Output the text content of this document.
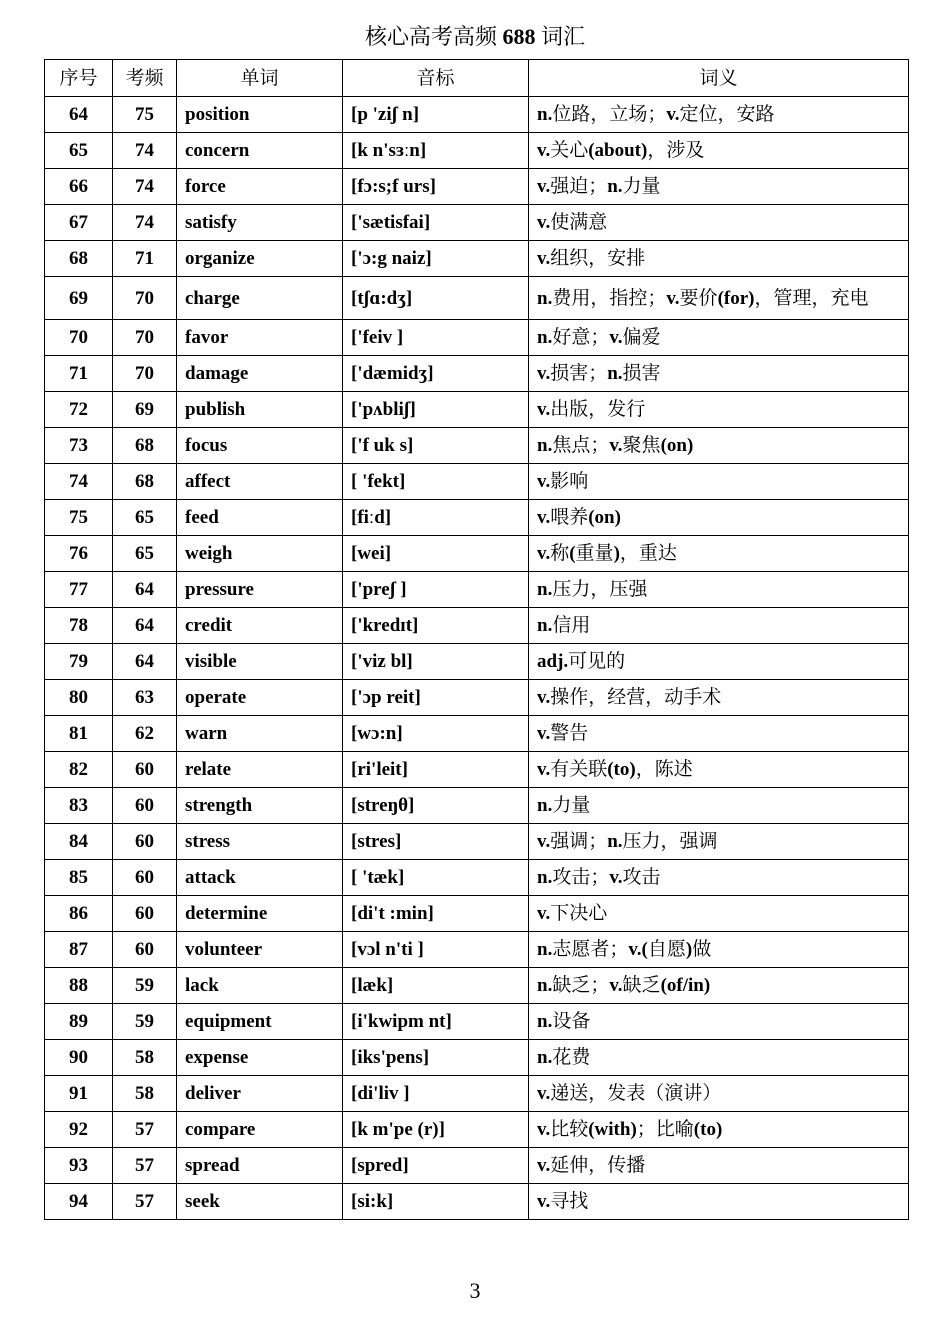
核心高考高频 688 词汇
序号	考频	单词	音标	词义
64	75	position	[p 'ziʃ n]	n.位路，立场；v.定位，安路
65	74	concern	[k n'sɜːn]	v.关心(about)，涉及
66	74	force	[fɔ:s;f urs]	v.强迫；n.力量
67	74	satisfy	['sætisfai]	v.使满意
68	71	organize	['ɔ:g naiz]	v.组织，安排
69	70	charge	[tʃɑ:dʒ]	n.费用，指控；v.要价(for)，管理，充电
70	70	favor	['feiv ]	n.好意；v.偏爱
71	70	damage	['dæmidʒ]	v.损害；n.损害
72	69	publish	['pʌbliʃ]	v.出版，发行
73	68	focus	['f uk s]	n.焦点；v.聚焦(on)
74	68	affect	[ 'fekt]	v.影响
75	65	feed	[fiːd]	v.喂养(on)
76	65	weigh	[wei]	v.称(重量)，重达
77	64	pressure	['preʃ ]	n.压力，压强
78	64	credit	['kredɪt]	n.信用
79	64	visible	['viz bl]	adj.可见的
80	63	operate	['ɔp reit]	v.操作，经营，动手术
81	62	warn	[wɔ:n]	v.警告
82	60	relate	[ri'leit]	v.有关联(to)，陈述
83	60	strength	[streŋθ]	n.力量
84	60	stress	[stres]	v.强调；n.压力，强调
85	60	attack	[ 'tæk]	n.攻击；v.攻击
86	60	determine	[di't :min]	v.下决心
87	60	volunteer	[vɔl n'ti ]	n.志愿者；v.(自愿)做
88	59	lack	[læk]	n.缺乏；v.缺乏(of/in)
89	59	equipment	[i'kwipm nt]	n.设备
90	58	expense	[iks'pens]	n.花费
91	58	deliver	[di'liv ]	v.递送，发表（演讲）
92	57	compare	[k m'pe (r)]	v.比较(with)；比喻(to)
93	57	spread	[spred]	v.延伸，传播
94	57	seek	[si:k]	v.寻找
3
